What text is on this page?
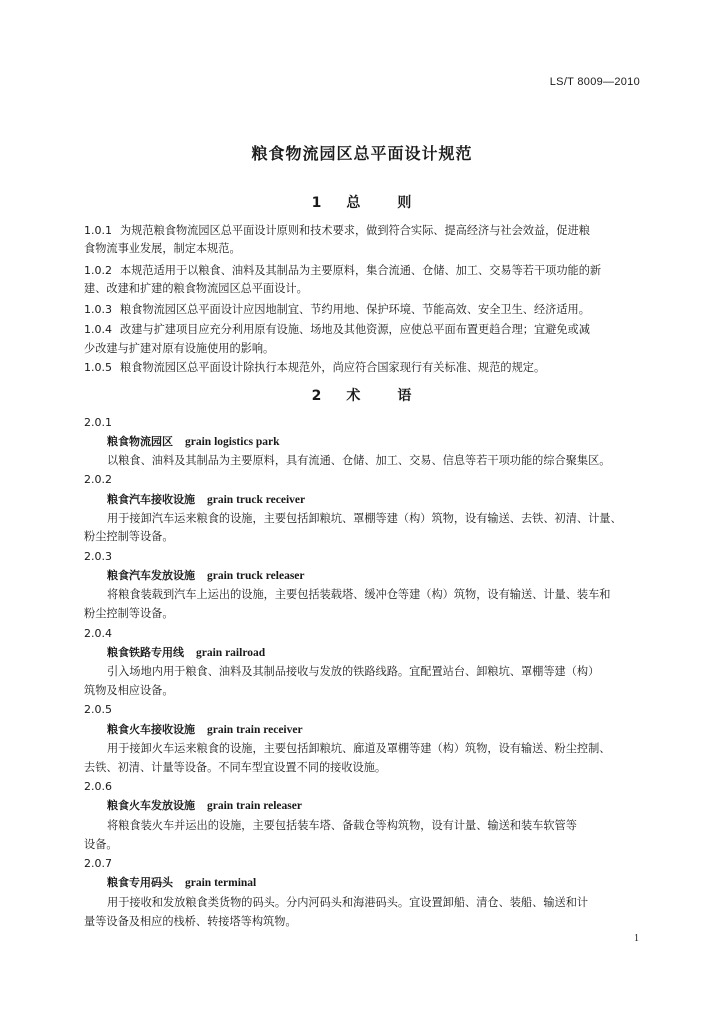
LS/T 8009—2010
粮食物流园区总平面设计规范
1 总	则
1.0.1 为规范粮食物流园区总平面设计原则和技术要求，做到符合实际、提高经济与社会效益，促进粮
食物流事业发展，制定本规范。
1.0.2 本规范适用于以粮食、油料及其制品为主要原料，集合流通、仓储、加工、交易等若干项功能的新
建、改建和扩建的粮食物流园区总平面设计。
1.0.3 粮食物流园区总平面设计应因地制宜、节约用地、保护环境、节能高效、安全卫生、经济适用。
1.0.4 改建与扩建项目应充分利用原有设施、场地及其他资源，应使总平面布置更趋合理；宜避免或减
少改建与扩建对原有设施使用的影响。
1.0.5 粮食物流园区总平面设计除执行本规范外，尚应符合国家现行有关标准、规范的规定。
2 术	语
2.0.1
粮食物流园区 grain logistics park
以粮食、油料及其制品为主要原料，具有流通、仓储、加工、交易、信息等若干项功能的综合聚集区。
2.0.2
粮食汽车接收设施 grain truck receiver
用于接卸汽车运来粮食的设施，主要包括卸粮坑、罩棚等建（构）筑物，设有输送、去铁、初清、计量、
粉尘控制等设备。
2.0.3
粮食汽车发放设施 grain truck releaser
将粮食装载到汽车上运出的设施，主要包括装载塔、缓冲仓等建（构）筑物，设有输送、计量、装车和
粉尘控制等设备。
2.0.4
粮食铁路专用线 grain railroad
引入场地内用于粮食、油料及其制品接收与发放的铁路线路。宜配置站台、卸粮坑、罩棚等建（构）
筑物及相应设备。
2.0.5
粮食火车接收设施 grain train receiver
用于接卸火车运来粮食的设施，主要包括卸粮坑、廊道及罩棚等建（构）筑物，设有输送、粉尘控制、
去铁、初清、计量等设备。不同车型宜设置不同的接收设施。
2.0.6
粮食火车发放设施 grain train releaser
将粮食装火车并运出的设施，主要包括装车塔、备载仓等构筑物，设有计量、输送和装车软管等
设备。
2.0.7
粮食专用码头 grain terminal
用于接收和发放粮食类货物的码头。分内河码头和海港码头。宜设置卸船、清仓、装船、输送和计
量等设备及相应的栈桥、转接塔等构筑物。
1
